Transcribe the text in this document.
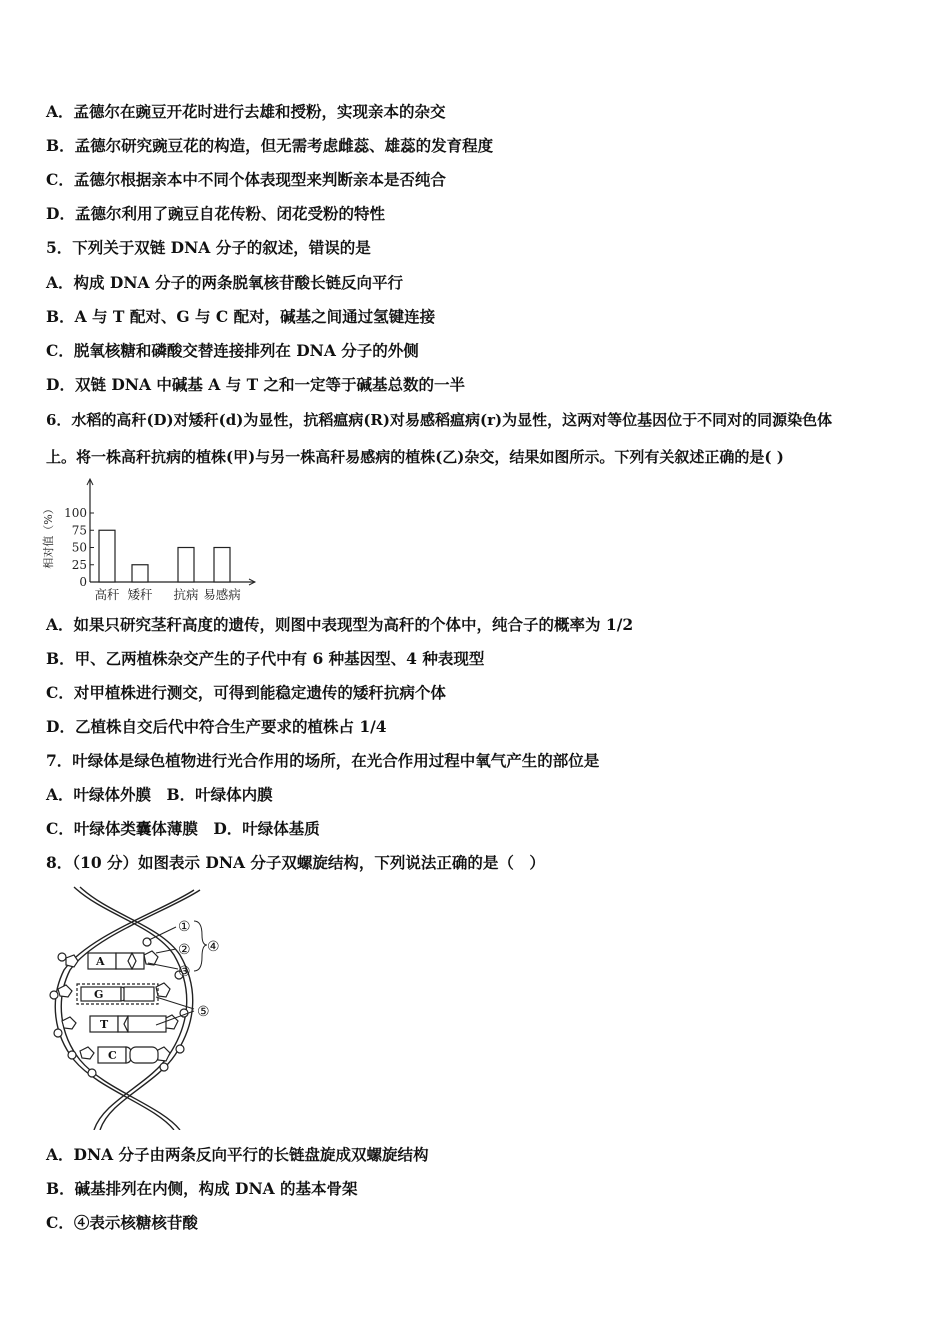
A．孟德尔在豌豆开花时进行去雄和授粉，实现亲本的杂交
B．孟德尔研究豌豆花的构造，但无需考虑雌蕊、雄蕊的发育程度
C．孟德尔根据亲本中不同个体表现型来判断亲本是否纯合
D．孟德尔利用了豌豆自花传粉、闭花受粉的特性
5．下列关于双链 DNA 分子的叙述，错误的是
A．构成 DNA 分子的两条脱氧核苷酸长链反向平行
B．A 与 T 配对、G 与 C 配对，碱基之间通过氢键连接
C．脱氧核糖和磷酸交替连接排列在 DNA 分子的外侧
D．双链 DNA 中碱基 A 与 T 之和一定等于碱基总数的一半
6．水稻的高秆(D)对矮秆(d)为显性，抗稻瘟病(R)对易感稻瘟病(r)为显性，这两对等位基因位于不同对的同源染色体
上。将一株高秆抗病的植株(甲)与另一株高秆易感病的植株(乙)杂交，结果如图所示。下列有关叙述正确的是( )
0
25
50
75
100
相对值（%）
高秆 矮秆 抗病 易感病
A．如果只研究茎秆高度的遗传，则图中表现型为高秆的个体中，纯合子的概率为 1/2
B．甲、乙两植株杂交产生的子代中有 6 种基因型、4 种表现型
C．对甲植株进行测交，可得到能稳定遗传的矮秆抗病个体
D．乙植株自交后代中符合生产要求的植株占 1/4
7．叶绿体是绿色植物进行光合作用的场所，在光合作用过程中氧气产生的部位是
A．叶绿体外膜　B．叶绿体内膜
C．叶绿体类囊体薄膜　D．叶绿体基质
8．（10 分）如图表示 DNA 分子双螺旋结构，下列说法正确的是（　）
A
G
T
C
①
②
③
④
⑤
A．DNA 分子由两条反向平行的长链盘旋成双螺旋结构
B．碱基排列在内侧，构成 DNA 的基本骨架
C．④表示核糖核苷酸
